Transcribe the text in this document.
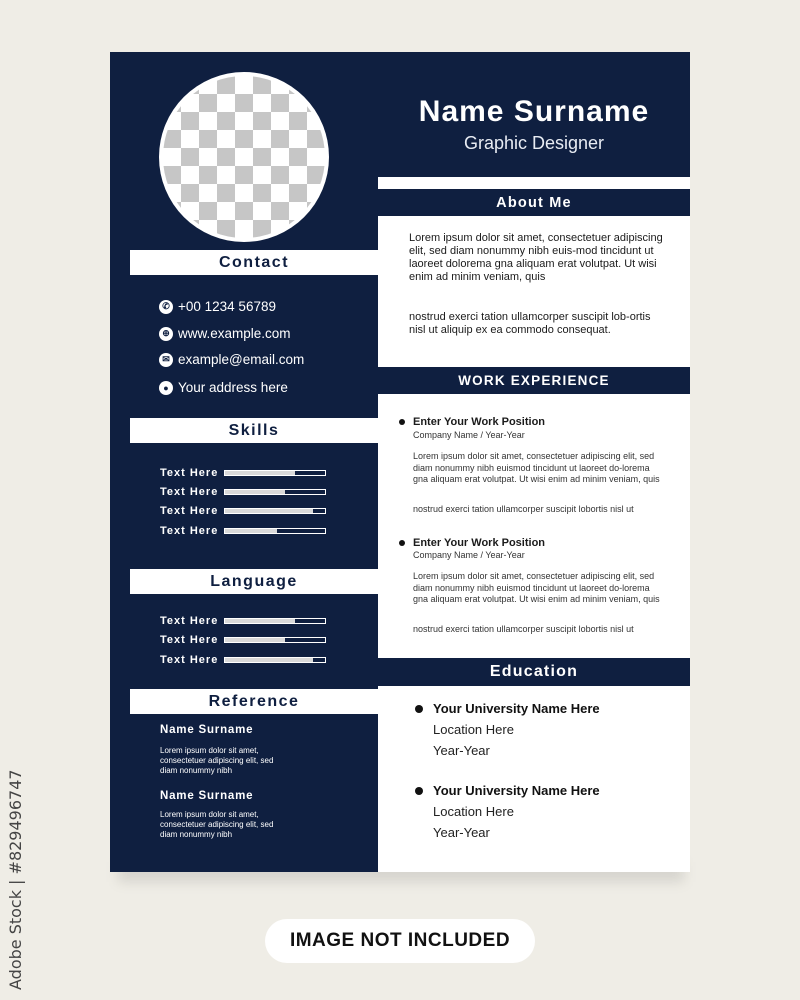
Name Surname
Graphic Designer
About Me
Lorem ipsum dolor sit amet, consectetuer adipiscing elit, sed diam nonummy nibh euis-mod tincidunt ut laoreet dolorema gna aliquam erat volutpat. Ut wisi enim ad minim veniam, quis
nostrud exerci tation ullamcorper suscipit lob-ortis nisl ut aliquip ex ea commodo consequat.
WORK EXPERIENCE
Enter Your Work Position
Company Name / Year-Year
Lorem ipsum dolor sit amet, consectetuer adipiscing elit, sed diam nonummy nibh euismod tincidunt ut laoreet do-lorema gna aliquam erat volutpat. Ut wisi enim ad minim veniam, quis
nostrud exerci tation ullamcorper suscipit lobortis nisl ut
Enter Your Work Position
Company Name / Year-Year
Lorem ipsum dolor sit amet, consectetuer adipiscing elit, sed diam nonummy nibh euismod tincidunt ut laoreet do-lorema gna aliquam erat volutpat. Ut wisi enim ad minim veniam, quis
nostrud exerci tation ullamcorper suscipit lobortis nisl ut
Education
Your University Name Here
Location Here
Year-Year
Your University Name Here
Location Here
Year-Year
Contact
Skills
Language
Reference
✆ +00 1234 56789
⊕ www.example.com
✉ example@email.com
● Your address here
Text Here
Text Here
Text Here
Text Here
Text Here
Text Here
Text Here
Name Surname
Lorem ipsum dolor sit amet, consectetuer adipiscing elit, sed diam nonummy nibh
Name Surname
Lorem ipsum dolor sit amet, consectetuer adipiscing elit, sed diam nonummy nibh
IMAGE NOT INCLUDED
Adobe Stock | #829496747
